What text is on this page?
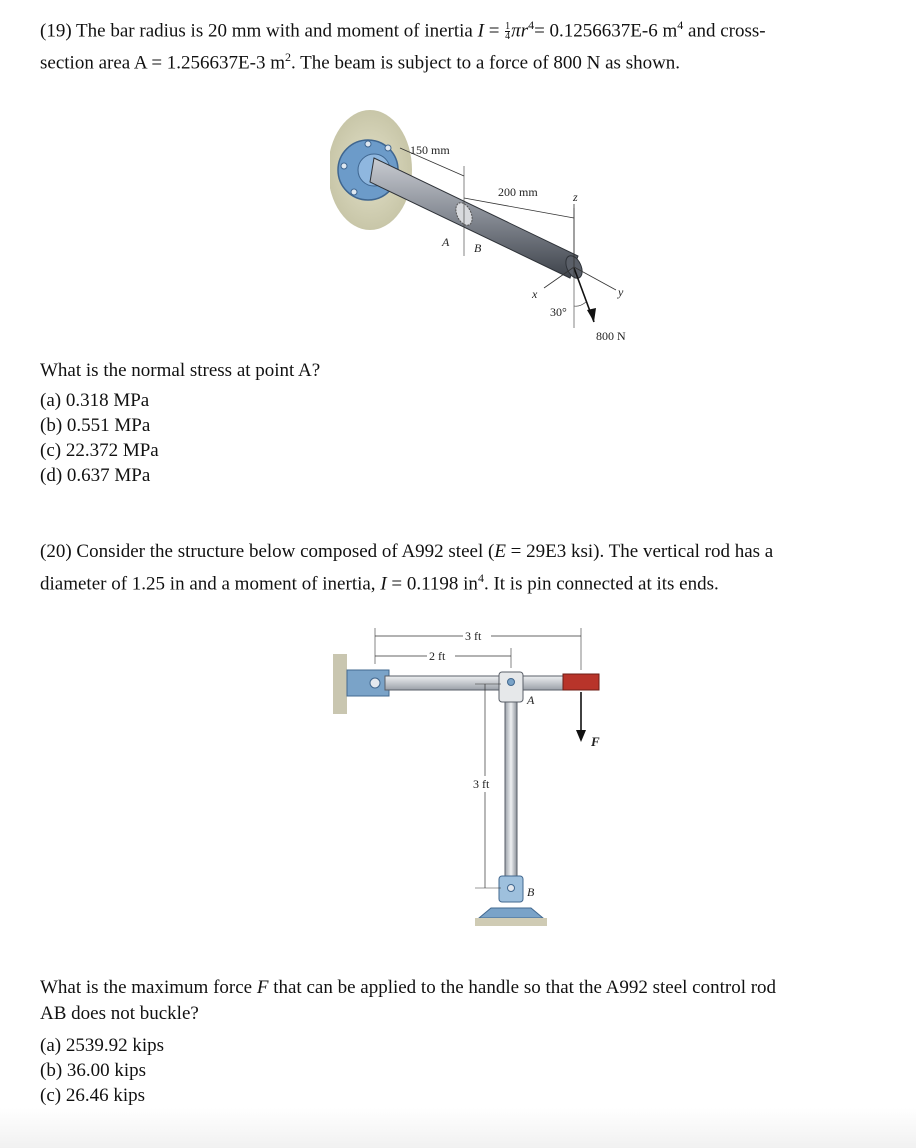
(19) The bar radius is 20 mm with and moment of inertia $I = \frac{1}{4} \pi r^4= 0.1256637E-6$ $m^4$ and cross-
section area A = 1.256637E-3 $m^2$. The beam is subject to a force of 800 N as shown.
150 mm
200 mm
A B
z
x	y
30°
800 N
What is the normal stress at point A?
(a) 0.318 MPa
(b) 0.551 MPa
(c) 22.372 MPa
(d) 0.637 MPa
(20) Consider the structure below composed of A992 steel (E = 29E3 ksi). The vertical rod has a
diameter of 1.25 in and a moment of inertia, I = 0.1198 $in^4$. It is pin connected at its ends.
3 ft
2 ft
3 ft
A
B
F
What is the maximum force F that can be applied to the handle so that the A992 steel control rod
AB does not buckle?
(a) 2539.92 kips
(b) 36.00 kips
(c) 26.46 kips
